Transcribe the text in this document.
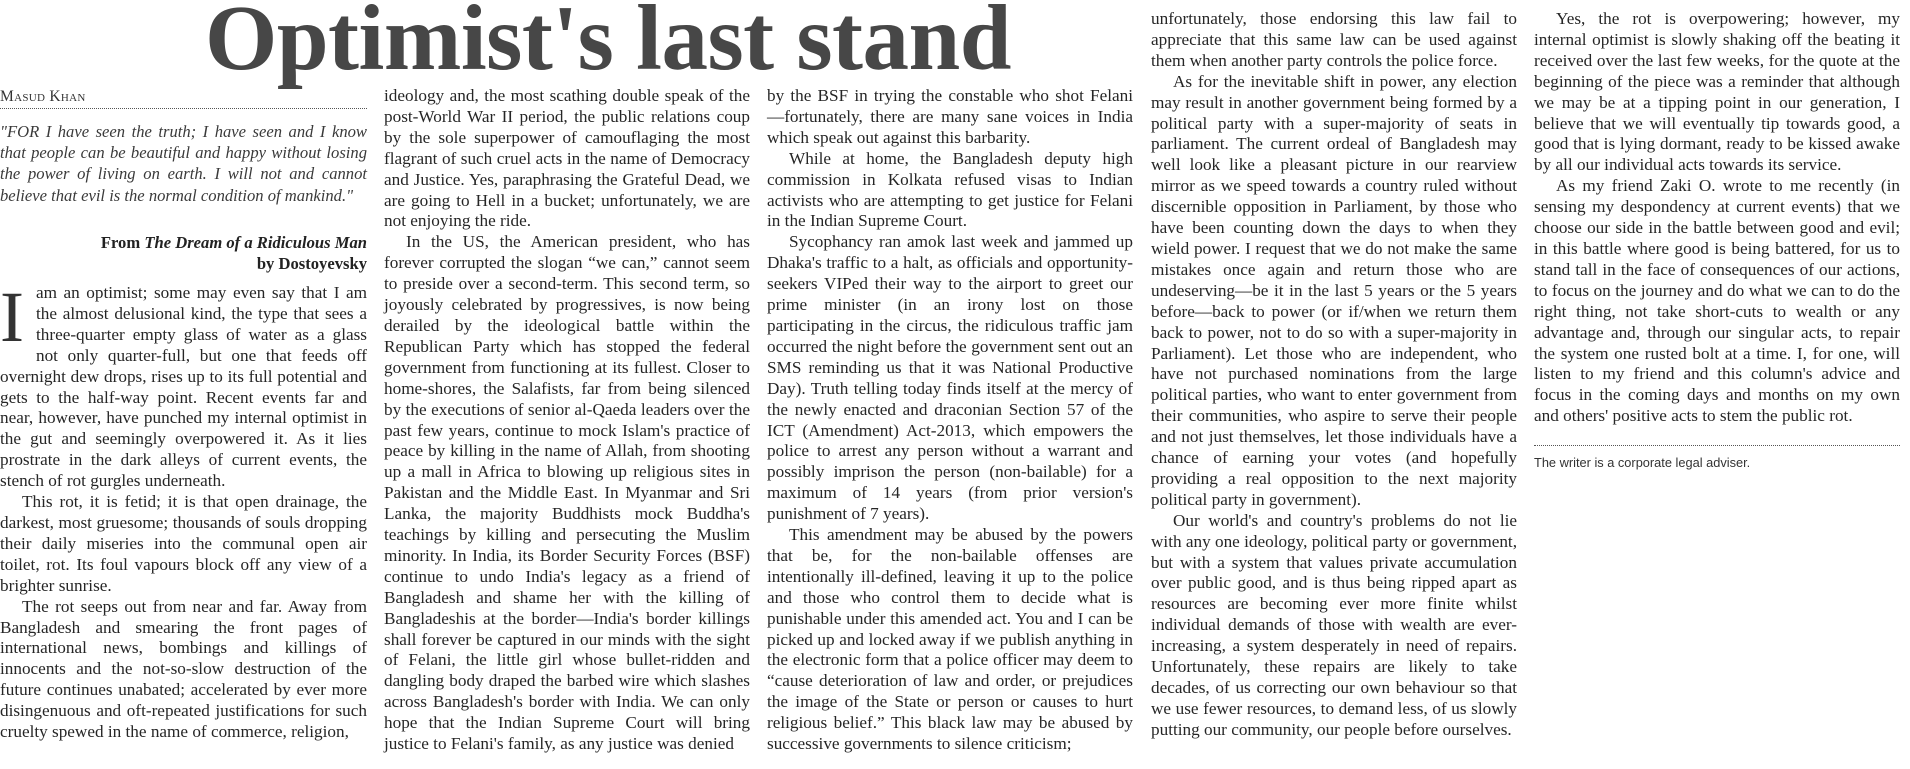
Optimist's last stand
Masud Khan
"FOR I have seen the truth; I have seen and I know that people can be beautiful and happy without losing the power of living on earth. I will not and cannot believe that evil is the normal condition of mankind."
From The Dream of a Ridiculous Man
by Dostoyevsky

I am an optimist; some may even say that I am the almost delusional kind, the type that sees a three-quarter empty glass of water as a glass not only quarter-full, but one that feeds off overnight dew drops, rises up to its full potential and gets to the half-way point. Recent events far and near, however, have punched my internal optimist in the gut and seemingly overpowered it. As it lies prostrate in the dark alleys of current events, the stench of rot gurgles underneath.

This rot, it is fetid; it is that open drainage, the darkest, most gruesome; thousands of souls dropping their daily miseries into the communal open air toilet, rot. Its foul vapours block off any view of a brighter sunrise.

The rot seeps out from near and far. Away from Bangladesh and smearing the front pages of international news, bombings and killings of innocents and the not-so-slow destruction of the future continues unabated; accelerated by ever more disingenuous and oft-repeated justifications for such cruelty spewed in the name of commerce, religion,

ideology and, the most scathing double speak of the post-World War II period, the public relations coup by the sole superpower of camouflaging the most flagrant of such cruel acts in the name of Democracy and Justice. Yes, paraphrasing the Grateful Dead, we are going to Hell in a bucket; unfortunately, we are not enjoying the ride.

In the US, the American president, who has forever corrupted the slogan “we can,” cannot seem to preside over a second-term. This second term, so joyously celebrated by progressives, is now being derailed by the ideological battle within the Republican Party which has stopped the federal government from functioning at its fullest. Closer to home-shores, the Salafists, far from being silenced by the executions of senior al-Qaeda leaders over the past few years, continue to mock Islam's practice of peace by killing in the name of Allah, from shooting up a mall in Africa to blowing up religious sites in Pakistan and the Middle East. In Myanmar and Sri Lanka, the majority Buddhists mock Buddha's teachings by killing and persecuting the Muslim minority. In India, its Border Security Forces (BSF) continue to undo India's legacy as a friend of Bangladesh and shame her with the killing of Bangladeshis at the border—India's border killings shall forever be captured in our minds with the sight of Felani, the little girl whose bullet-ridden and dangling body draped the barbed wire which slashes across Bangladesh's border with India. We can only hope that the Indian Supreme Court will bring justice to Felani's family, as any justice was denied

by the BSF in trying the constable who shot Felani—fortunately, there are many sane voices in India which speak out against this barbarity.

While at home, the Bangladesh deputy high commission in Kolkata refused visas to Indian activists who are attempting to get justice for Felani in the Indian Supreme Court.

Sycophancy ran amok last week and jammed up Dhaka's traffic to a halt, as officials and opportunity-seekers VIPed their way to the airport to greet our prime minister (in an irony lost on those participating in the circus, the ridiculous traffic jam occurred the night before the government sent out an SMS reminding us that it was National Productive Day). Truth telling today finds itself at the mercy of the newly enacted and draconian Section 57 of the ICT (Amendment) Act-2013, which empowers the police to arrest any person without a warrant and possibly imprison the person (non-bailable) for a maximum of 14 years (from prior version's punishment of 7 years).

This amendment may be abused by the powers that be, for the non-bailable offenses are intentionally ill-defined, leaving it up to the police and those who control them to decide what is punishable under this amended act. You and I can be picked up and locked away if we publish anything in the electronic form that a police officer may deem to “cause deterioration of law and order, or prejudices the image of the State or person or causes to hurt religious belief.” This black law may be abused by successive governments to silence criticism;

unfortunately, those endorsing this law fail to appreciate that this same law can be used against them when another party controls the police force.

As for the inevitable shift in power, any election may result in another government being formed by a political party with a super-majority of seats in parliament. The current ordeal of Bangladesh may well look like a pleasant picture in our rearview mirror as we speed towards a country ruled without discernible opposition in Parliament, by those who have been counting down the days to when they wield power. I request that we do not make the same mistakes once again and return those who are undeserving—be it in the last 5 years or the 5 years before—back to power (or if/when we return them back to power, not to do so with a super-majority in Parliament). Let those who are independent, who have not purchased nominations from the large political parties, who want to enter government from their communities, who aspire to serve their people and not just themselves, let those individuals have a chance of earning your votes (and hopefully providing a real opposition to the next majority political party in government).

Our world's and country's problems do not lie with any one ideology, political party or government, but with a system that values private accumulation over public good, and is thus being ripped apart as resources are becoming ever more finite whilst individual demands of those with wealth are ever-increasing, a system desperately in need of repairs. Unfortunately, these repairs are likely to take decades, of us correcting our own behaviour so that we use fewer resources, to demand less, of us slowly putting our community, our people before ourselves.

Yes, the rot is overpowering; however, my internal optimist is slowly shaking off the beating it received over the last few weeks, for the quote at the beginning of the piece was a reminder that although we may be at a tipping point in our generation, I believe that we will eventually tip towards good, a good that is lying dormant, ready to be kissed awake by all our individual acts towards its service.

As my friend Zaki O. wrote to me recently (in sensing my despondency at current events) that we choose our side in the battle between good and evil; in this battle where good is being battered, for us to stand tall in the face of consequences of our actions, to focus on the journey and do what we can to do the right thing, not take short-cuts to wealth or any advantage and, through our singular acts, to repair the system one rusted bolt at a time. I, for one, will listen to my friend and this column's advice and focus in the coming days and months on my own and others' positive acts to stem the public rot.

The writer is a corporate legal adviser.
